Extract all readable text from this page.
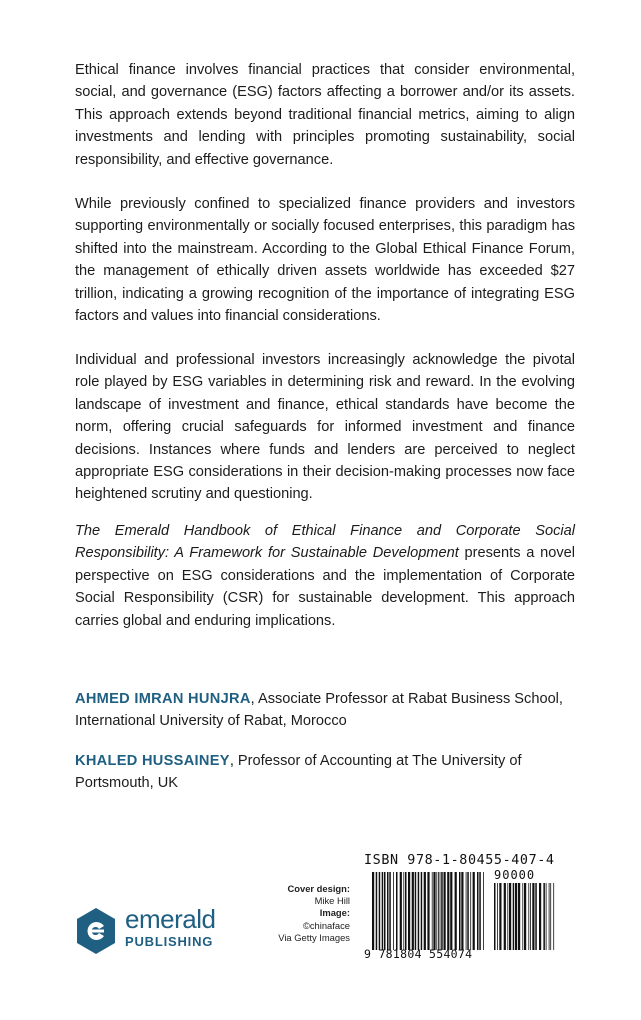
Ethical finance involves financial practices that consider environmental, social, and governance (ESG) factors affecting a borrower and/or its assets. This approach extends beyond traditional financial metrics, aiming to align investments and lending with principles promoting sustainability, social responsibility, and effective governance.

While previously confined to specialized finance providers and investors supporting environmentally or socially focused enterprises, this paradigm has shifted into the mainstream. According to the Global Ethical Finance Forum, the management of ethically driven assets worldwide has exceeded $27 trillion, indicating a growing recognition of the importance of integrating ESG factors and values into financial considerations.

Individual and professional investors increasingly acknowledge the pivotal role played by ESG variables in determining risk and reward. In the evolving landscape of investment and finance, ethical standards have become the norm, offering crucial safeguards for informed investment and finance decisions. Instances where funds and lenders are perceived to neglect appropriate ESG considerations in their decision-making processes now face heightened scrutiny and questioning.

The Emerald Handbook of Ethical Finance and Corporate Social Responsibility: A Framework for Sustainable Development presents a novel perspective on ESG considerations and the implementation of Corporate Social Responsibility (CSR) for sustainable development. This approach carries global and enduring implications.

AHMED IMRAN HUNJRA, Associate Professor at Rabat Business School, International University of Rabat, Morocco

KHALED HUSSAINEY, Professor of Accounting at The University of Portsmouth, UK

emerald
PUBLISHING
Cover design:
Mike Hill
Image:
©chinaface
Via Getty Images
ISBN 978-1-80455-407-4
90000
9 781804 554074
